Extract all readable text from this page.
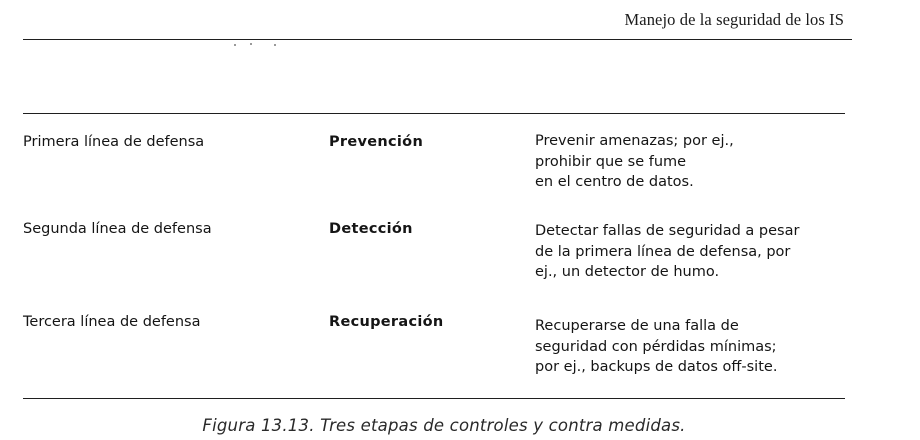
Manejo de la seguridad de los IS
Primera línea de defensa	Prevención	Prevenir amenazas; por ej.,
prohibir que se fume
en el centro de datos.
Segunda línea de defensa	Detección	Detectar fallas de seguridad a pesar
de la primera línea de defensa, por
ej., un detector de humo.
Tercera línea de defensa	Recuperación	Recuperarse de una falla de
seguridad con pérdidas mínimas;
por ej., backups de datos off-site.
Figura 13.13. Tres etapas de controles y contra medidas.
